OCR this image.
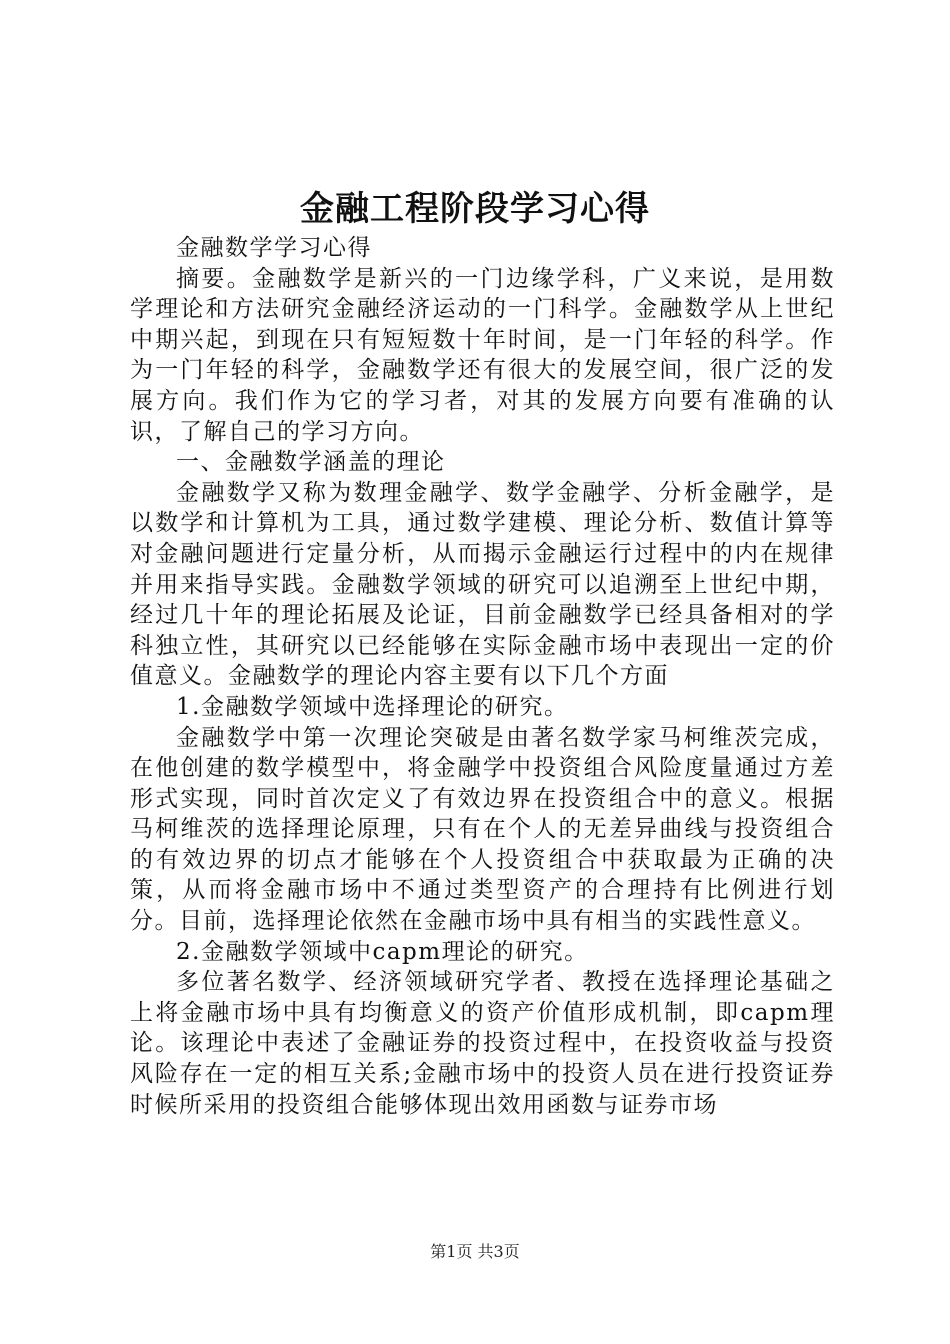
金融工程阶段学习心得

金融数学学习心得

摘要。金融数学是新兴的一门边缘学科，广义来说，是用数学理论和方法研究金融经济运动的一门科学。金融数学从上世纪中期兴起，到现在只有短短数十年时间，是一门年轻的科学。作为一门年轻的科学，金融数学还有很大的发展空间，很广泛的发展方向。我们作为它的学习者，对其的发展方向要有准确的认识，了解自己的学习方向。

一、金融数学涵盖的理论

金融数学又称为数理金融学、数学金融学、分析金融学，是以数学和计算机为工具，通过数学建模、理论分析、数值计算等对金融问题进行定量分析，从而揭示金融运行过程中的内在规律并用来指导实践。金融数学领域的研究可以追溯至上世纪中期，经过几十年的理论拓展及论证，目前金融数学已经具备相对的学科独立性，其研究以已经能够在实际金融市场中表现出一定的价值意义。金融数学的理论内容主要有以下几个方面

1.金融数学领域中选择理论的研究。

金融数学中第一次理论突破是由著名数学家马柯维茨完成，在他创建的数学模型中，将金融学中投资组合风险度量通过方差形式实现，同时首次定义了有效边界在投资组合中的意义。根据马柯维茨的选择理论原理，只有在个人的无差异曲线与投资组合的有效边界的切点才能够在个人投资组合中获取最为正确的决策，从而将金融市场中不通过类型资产的合理持有比例进行划分。目前，选择理论依然在金融市场中具有相当的实践性意义。

2.金融数学领域中capm理论的研究。

多位著名数学、经济领域研究学者、教授在选择理论基础之上将金融市场中具有均衡意义的资产价值形成机制，即capm理论。该理论中表述了金融证券的投资过程中，在投资收益与投资风险存在一定的相互关系;金融市场中的投资人员在进行投资证券时候所采用的投资组合能够体现出效用函数与证券市场

第1页 共3页
